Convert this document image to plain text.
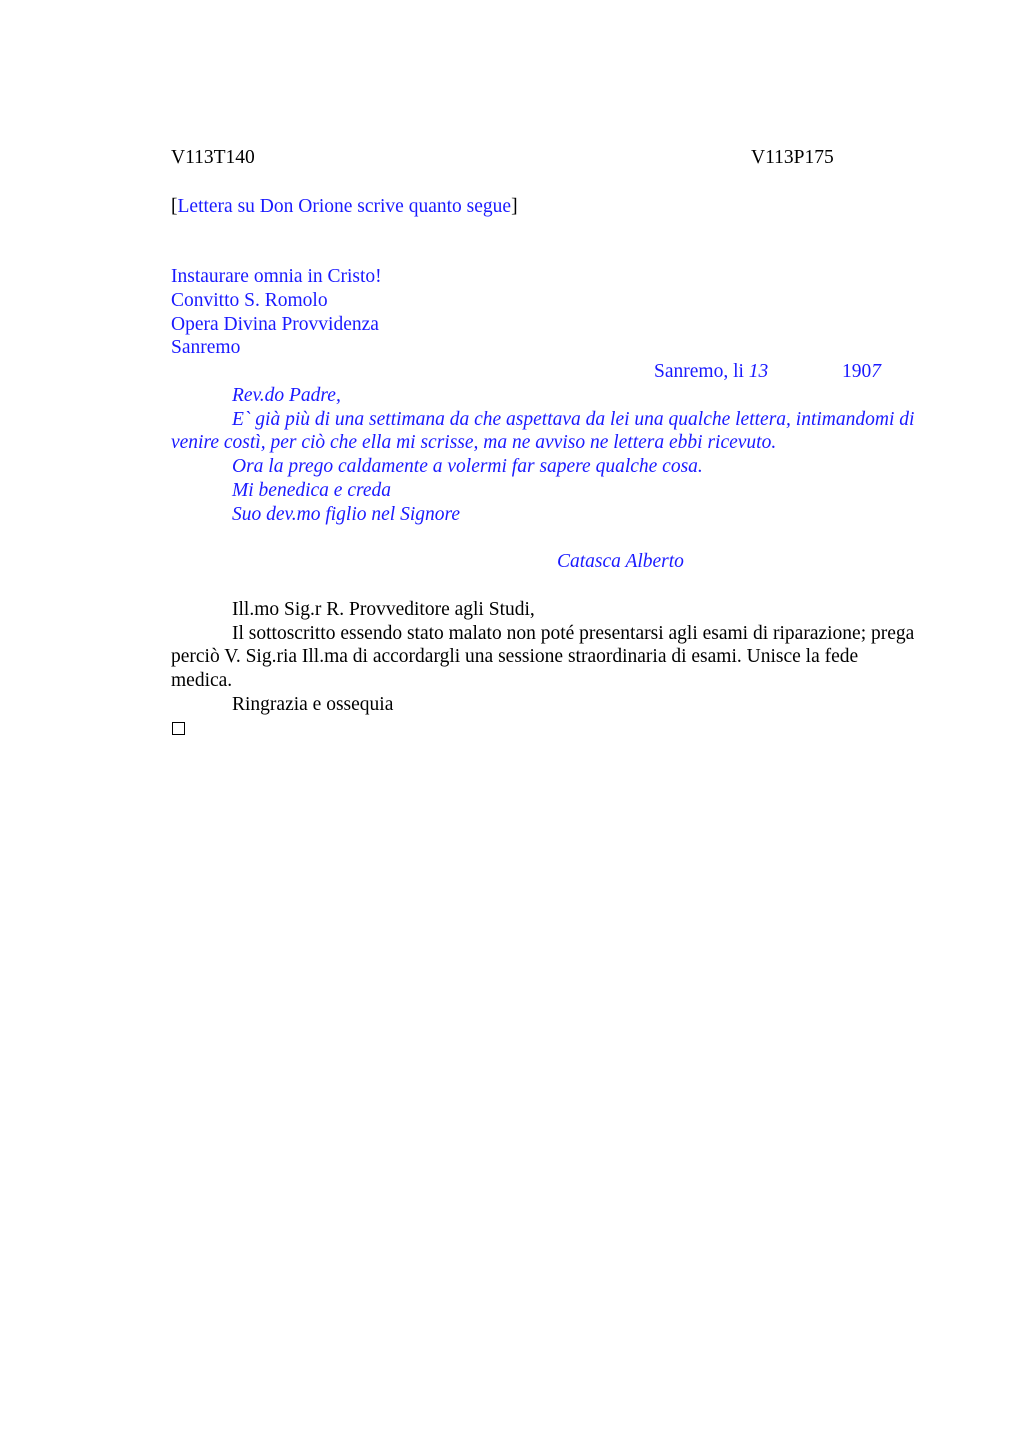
V113T140	V113P175
[Lettera su Don Orione scrive quanto segue]
Instaurare omnia in Cristo!
Convitto S. Romolo
Opera Divina Provvidenza
Sanremo
Sanremo, li 13	1907

Rev.do Padre,

E` già più di una settimana da che aspettava da lei una qualche lettera, intimandomi di venire costì, per ciò che ella mi scrisse, ma ne avviso ne lettera ebbi ricevuto.

Ora la prego caldamente a volermi far sapere qualche cosa.

Mi benedica e creda

Suo dev.mo figlio nel Signore

Catasca Alberto

Ill.mo Sig.r R. Provveditore agli Studi,

Il sottoscritto essendo stato malato non poté presentarsi agli esami di riparazione; prega perciò V. Sig.ria Ill.ma di accordargli una sessione straordinaria di esami. Unisce la fede medica.

Ringrazia e ossequia
